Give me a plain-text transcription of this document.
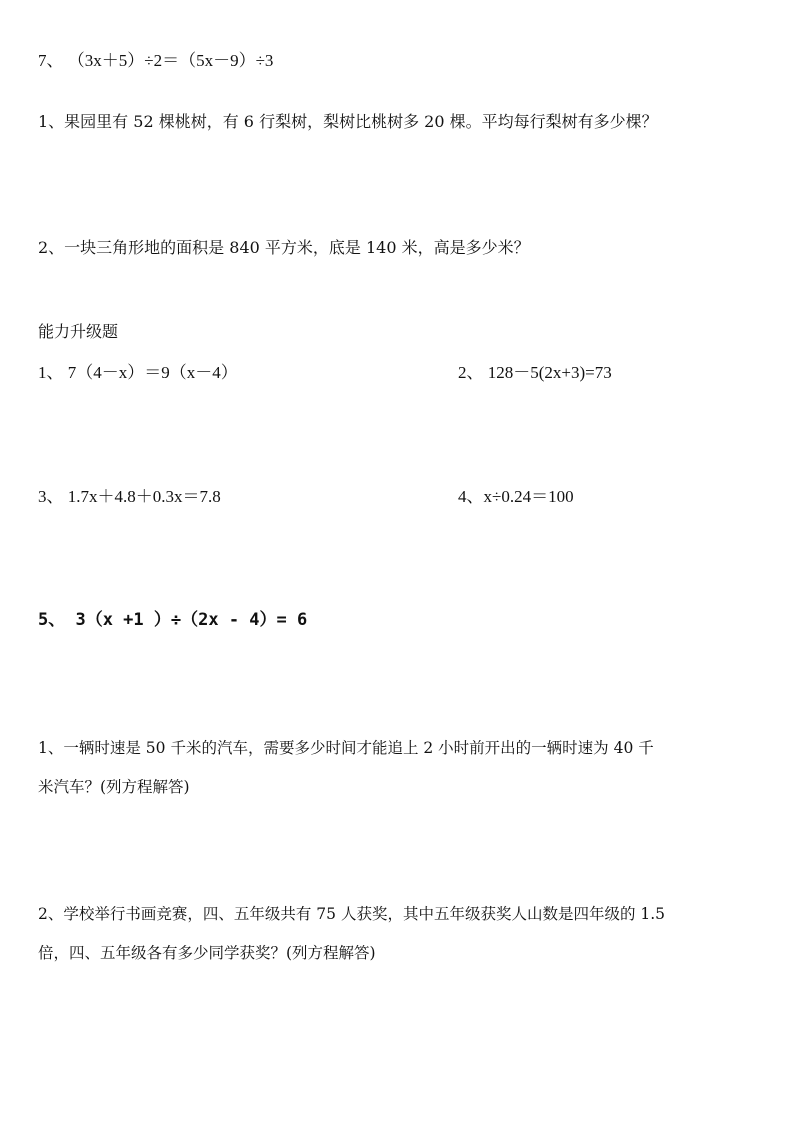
7、 （3x＋5）÷2＝（5x－9）÷3
1、果园里有 52 棵桃树，有 6 行梨树，梨树比桃树多 20 棵。平均每行梨树有多少棵？
2、一块三角形地的面积是 840 平方米，底是 140 米，高是多少米？
能力升级题
1、 7（4－x）＝9（x－4）	2、 128－5(2x+3)=73
3、 1.7x＋4.8＋0.3x＝7.8	4、x÷0.24＝100
5、 3（x +1 ）÷（2x - 4）= 6
1、一辆时速是 50 千米的汽车，需要多少时间才能追上 2 小时前开出的一辆时速为 40 千
米汽车？(列方程解答)
2、学校举行书画竞赛，四、五年级共有 75 人获奖，其中五年级获奖人山数是四年级的 1.5
倍，四、五年级各有多少同学获奖？(列方程解答)
